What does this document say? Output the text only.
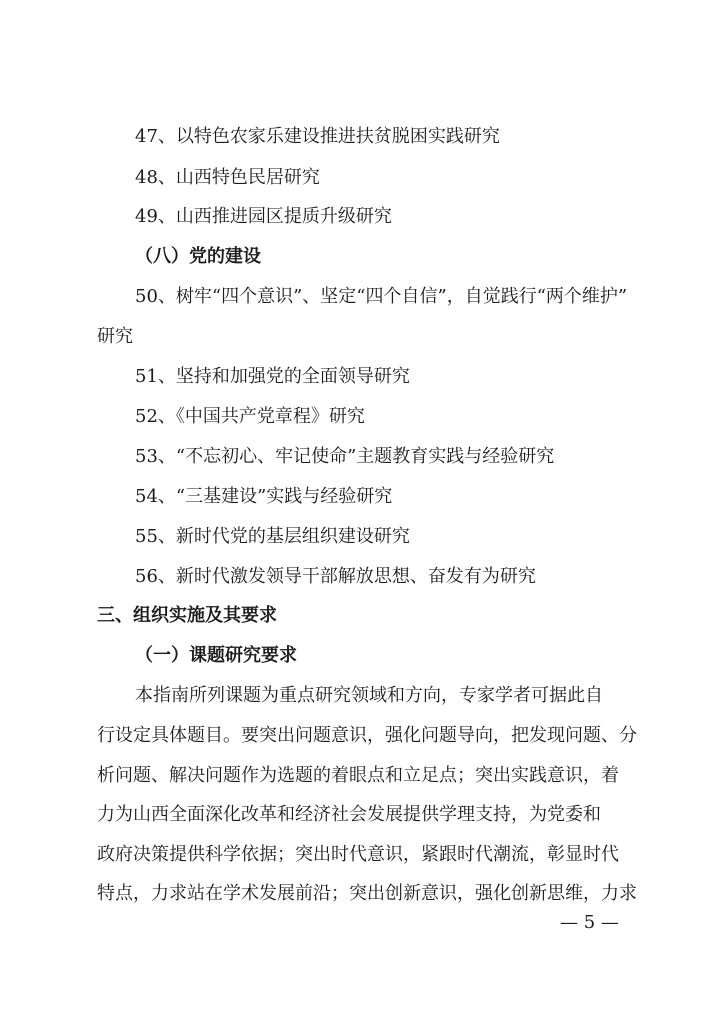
47、以特色农家乐建设推进扶贫脱困实践研究
48、山西特色民居研究
49、山西推进园区提质升级研究
（八）党的建设
50、树牢“四个意识”、坚定“四个自信”，自觉践行“两个维护”
研究
51、坚持和加强党的全面领导研究
52、《中国共产党章程》研究
53、“不忘初心、牢记使命”主题教育实践与经验研究
54、“三基建设”实践与经验研究
55、新时代党的基层组织建设研究
56、新时代激发领导干部解放思想、奋发有为研究
三、组织实施及其要求
（一）课题研究要求
本指南所列课题为重点研究领域和方向，专家学者可据此自
行设定具体题目。要突出问题意识，强化问题导向，把发现问题、分
析问题、解决问题作为选题的着眼点和立足点；突出实践意识，着
力为山西全面深化改革和经济社会发展提供学理支持，为党委和
政府决策提供科学依据；突出时代意识，紧跟时代潮流，彰显时代
特点，力求站在学术发展前沿；突出创新意识，强化创新思维，力求
— 5 —
